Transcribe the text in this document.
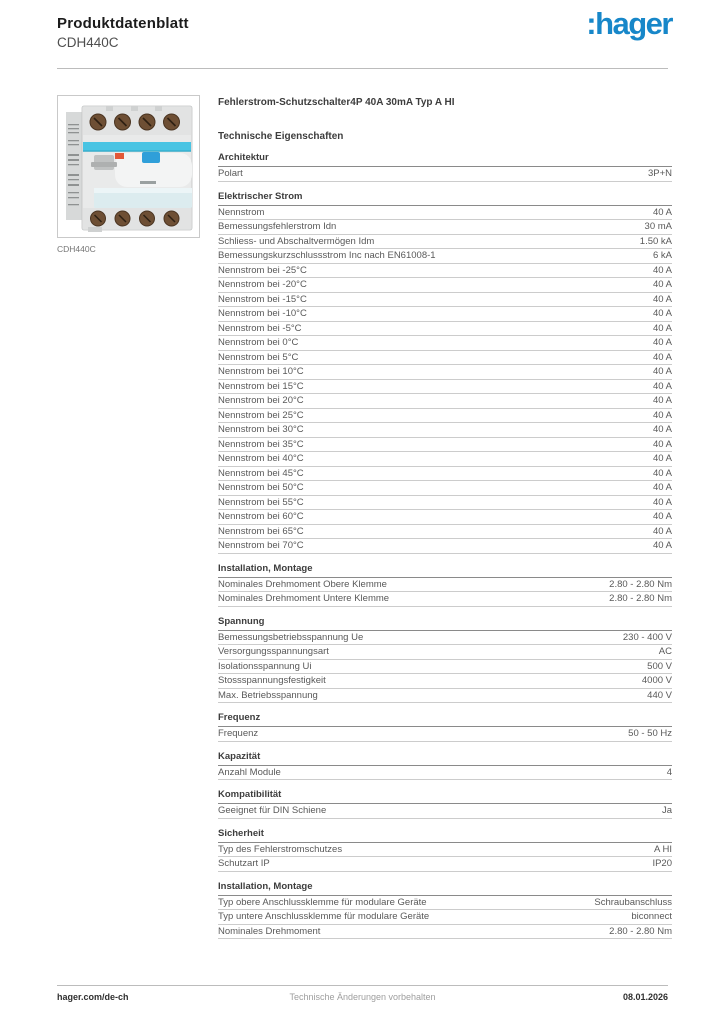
Produktdatenblatt
CDH440C
:hager
CDH440C
Fehlerstrom-Schutzschalter4P 40A 30mA Typ A HI
Technische Eigenschaften
Architektur
Polart	3P+N
Elektrischer Strom
Nennstrom	40 A
Bemessungsfehlerstrom Idn	30 mA
Schliess- und Abschaltvermögen Idm	1.50 kA
Bemessungskurzschlussstrom Inc nach EN61008-1	6 kA
Nennstrom bei -25°C	40 A
Nennstrom bei -20°C	40 A
Nennstrom bei -15°C	40 A
Nennstrom bei -10°C	40 A
Nennstrom bei -5°C	40 A
Nennstrom bei 0°C	40 A
Nennstrom bei 5°C	40 A
Nennstrom bei 10°C	40 A
Nennstrom bei 15°C	40 A
Nennstrom bei 20°C	40 A
Nennstrom bei 25°C	40 A
Nennstrom bei 30°C	40 A
Nennstrom bei 35°C	40 A
Nennstrom bei 40°C	40 A
Nennstrom bei 45°C	40 A
Nennstrom bei 50°C	40 A
Nennstrom bei 55°C	40 A
Nennstrom bei 60°C	40 A
Nennstrom bei 65°C	40 A
Nennstrom bei 70°C	40 A
Installation, Montage
Nominales Drehmoment Obere Klemme	2.80 - 2.80 Nm
Nominales Drehmoment Untere Klemme	2.80 - 2.80 Nm
Spannung
Bemessungsbetriebsspannung Ue	230 - 400 V
Versorgungsspannungsart	AC
Isolationsspannung Ui	500 V
Stossspannungsfestigkeit	4000 V
Max. Betriebsspannung	440 V
Frequenz
Frequenz	50 - 50 Hz
Kapazität
Anzahl Module	4
Kompatibilität
Geeignet für DIN Schiene	Ja
Sicherheit
Typ des Fehlerstromschutzes	A HI
Schutzart IP	IP20
Installation, Montage
Typ obere Anschlussklemme für modulare Geräte	Schraubanschluss
Typ untere Anschlussklemme für modulare Geräte	biconnect
Nominales Drehmoment	2.80 - 2.80 Nm
hager.com/de-ch	Technische Änderungen vorbehalten	08.01.2026
